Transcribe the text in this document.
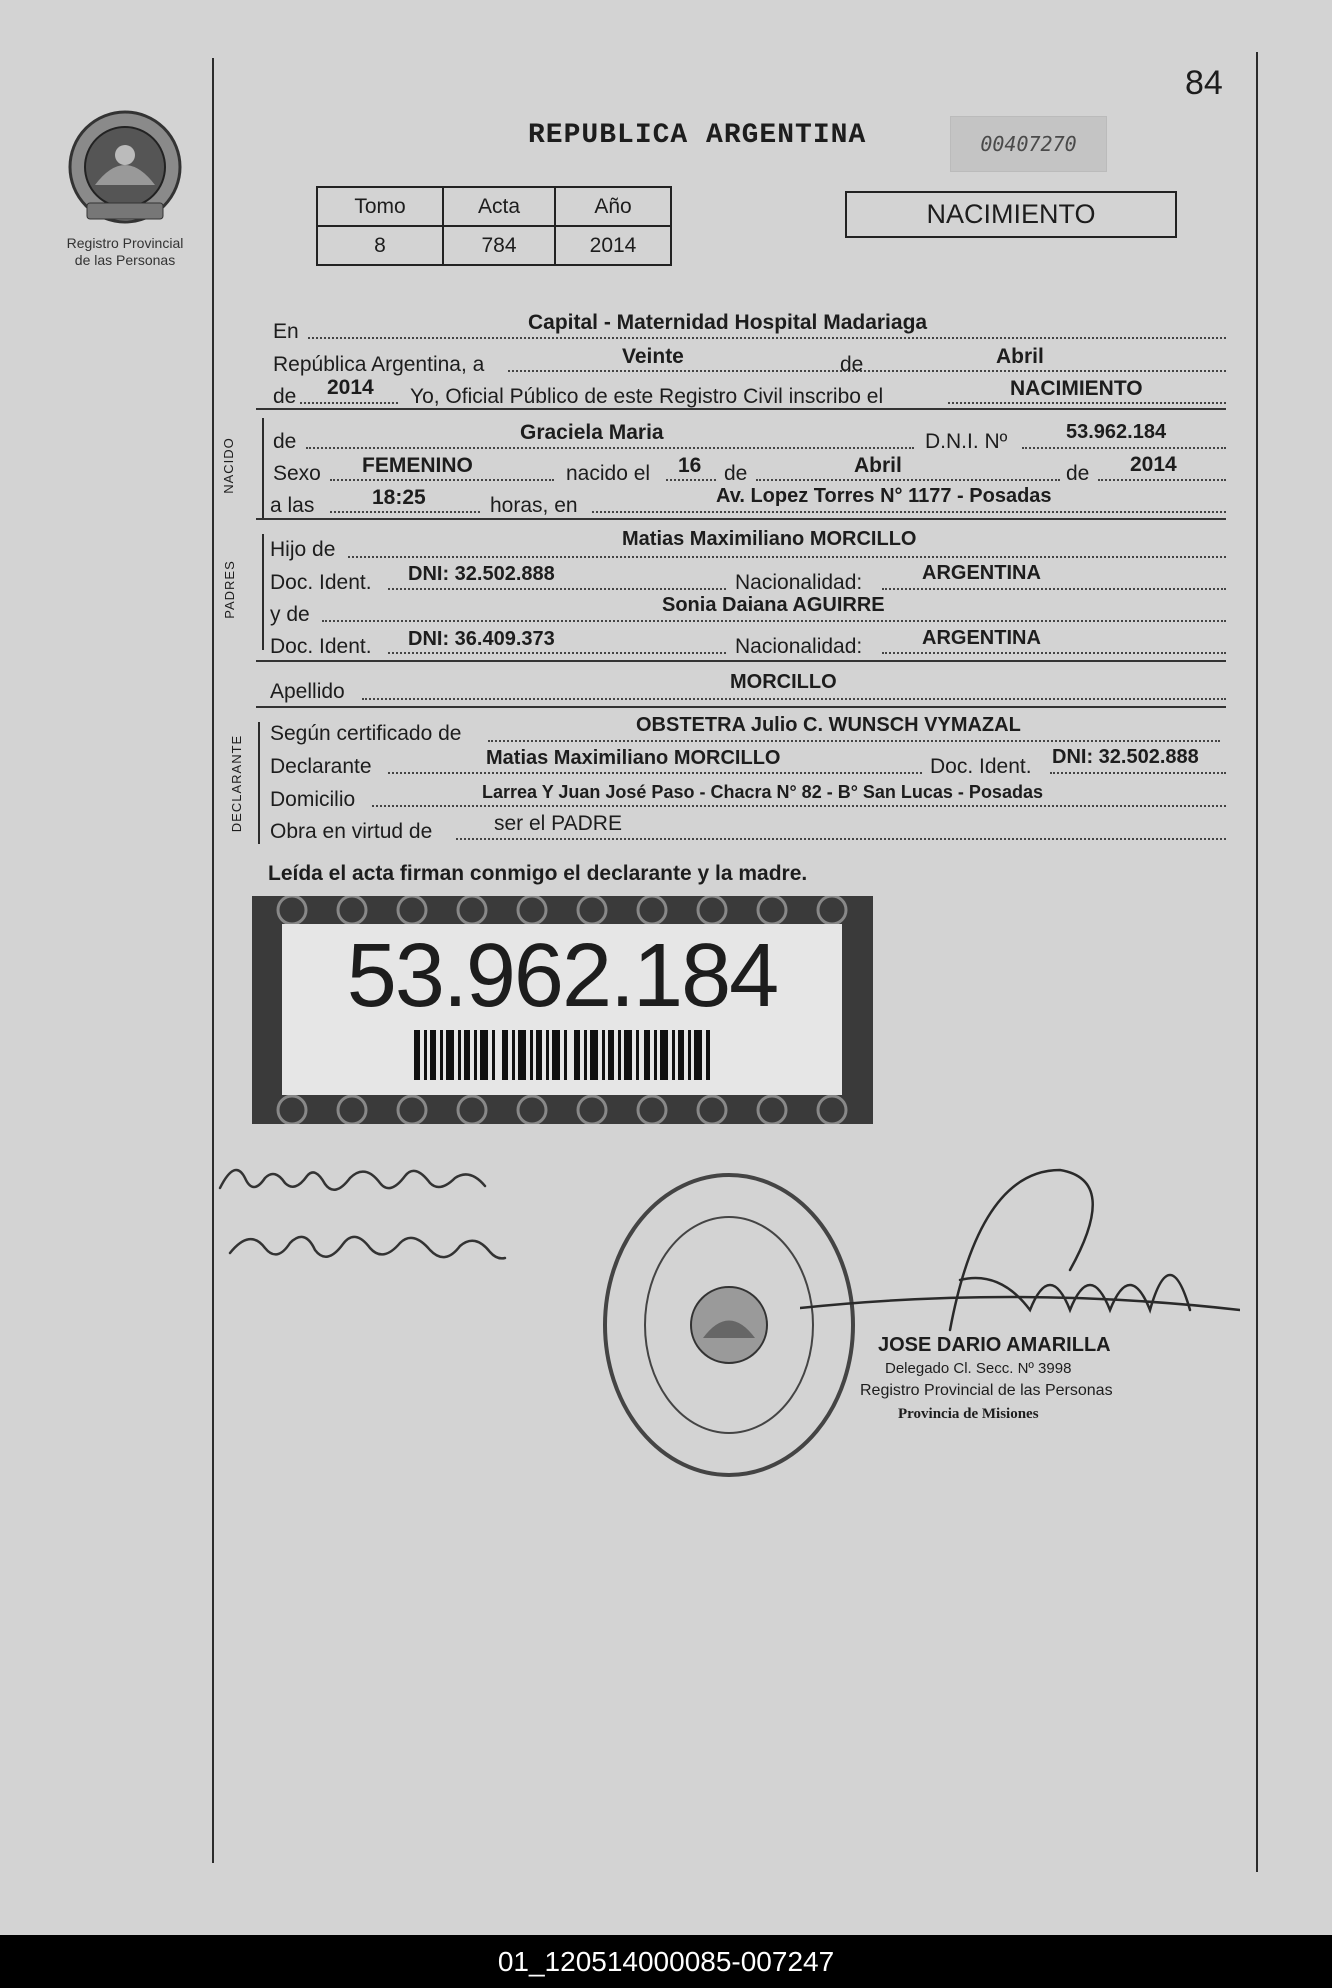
Registro Provincial
de las Personas
84
REPUBLICA ARGENTINA	00407270
Tomo	Acta	Año
8	784	2014
NACIMIENTO
En	Capital - Maternidad Hospital Madariaga
República Argentina, a	Veinte	de	Abril
de 2014 Yo, Oficial Público de este Registro Civil inscribo el	NACIMIENTO
NACIDO de	Graciela Maria	D.N.I. Nº	53.962.184
Sexo FEMENINO	nacido el 16 de	Abril	de 2014
a las	18:25	horas, en	Av. Lopez Torres N° 1177 - Posadas
PADRES
Hijo de	Matias Maximiliano MORCILLO
Doc. Ident. DNI: 32.502.888	Nacionalidad:	ARGENTINA
y de	Sonia Daiana AGUIRRE
Doc. Ident. DNI: 36.409.373	Nacionalidad:	ARGENTINA
Apellido	MORCILLO
DECLARANTE
Según certificado de	OBSTETRA Julio C. WUNSCH VYMAZAL
Declarante	Matias Maximiliano MORCILLO	Doc. Ident. DNI: 32.502.888
Domicilio	Larrea Y Juan José Paso - Chacra N° 82 - B° San Lucas - Posadas
Obra en virtud de	ser el PADRE
Leída el acta firman conmigo el declarante y la madre.
53.962.184
JOSE DARIO AMARILLA
Delegado Cl. Secc. Nº 3998
Registro Provincial de las Personas
Provincia de Misiones
01_120514000085-007247
